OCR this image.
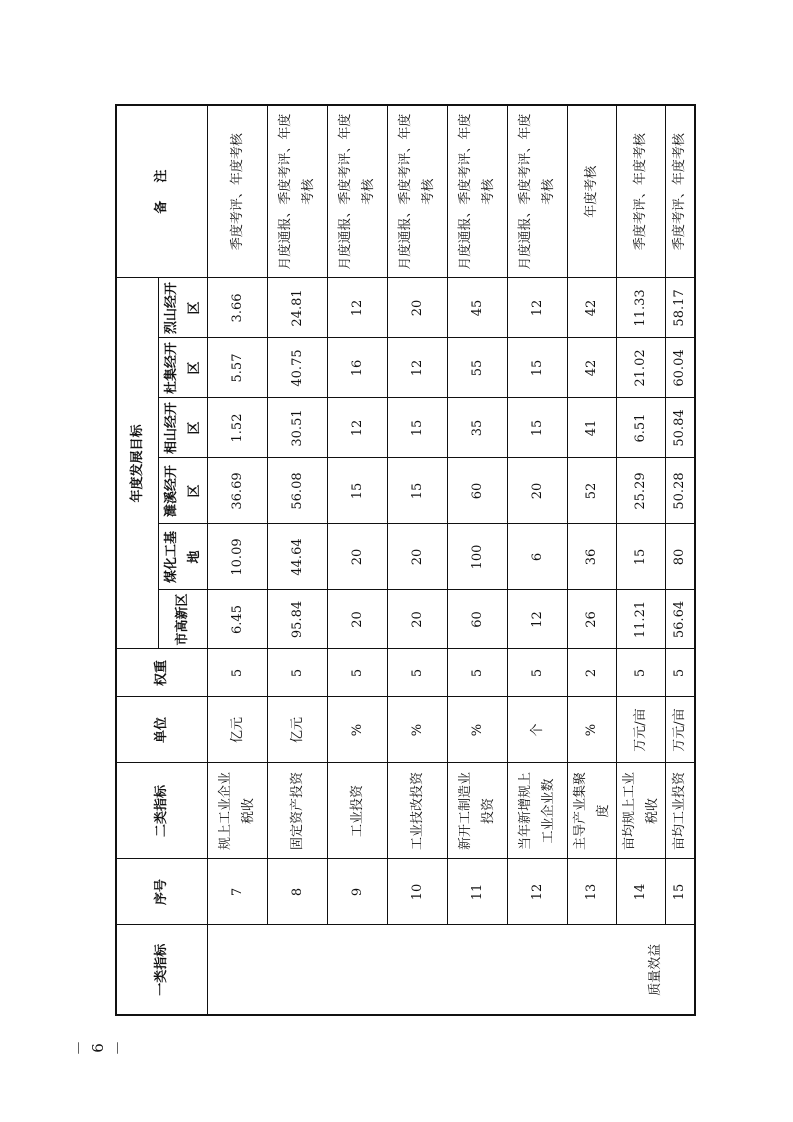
一类指标	序号	二类指标	单位	权重	年度发展目标						备    注
					市高新区	煤化工基地	濉溪经开区	相山经开区	杜集经开区	烈山经开区	
	7	规上工业企业税收	亿元	5	6.45	10.09	36.69	1.52	5.57	3.66	季度考评、年度考核
	8	固定资产投资	亿元	5	95.84	44.64	56.08	30.51	40.75	24.81	月度通报、季度考评、年度考核
	9	工业投资	%	5	20	20	15	12	16	12	月度通报、季度考评、年度考核
	10	工业技改投资	%	5	20	20	15	15	12	20	月度通报、季度考评、年度考核
	11	新开工制造业投资	%	5	60	100	60	35	55	45	月度通报、季度考评、年度考核
	12	当年新增规上工业企业数	个	5	12	6	20	15	15	12	月度通报、季度考评、年度考核
	13	主导产业集聚度	%	2	26	36	52	41	42	42	年度考核
质量效益	14	亩均规上工业税收	万元/亩	5	11.21	15	25.29	6.51	21.02	11.33	季度考评、年度考核
	15	亩均工业投资	万元/亩	5	56.64	80	50.28	50.84	60.04	58.17	季度考评、年度考核
－ 6 －
